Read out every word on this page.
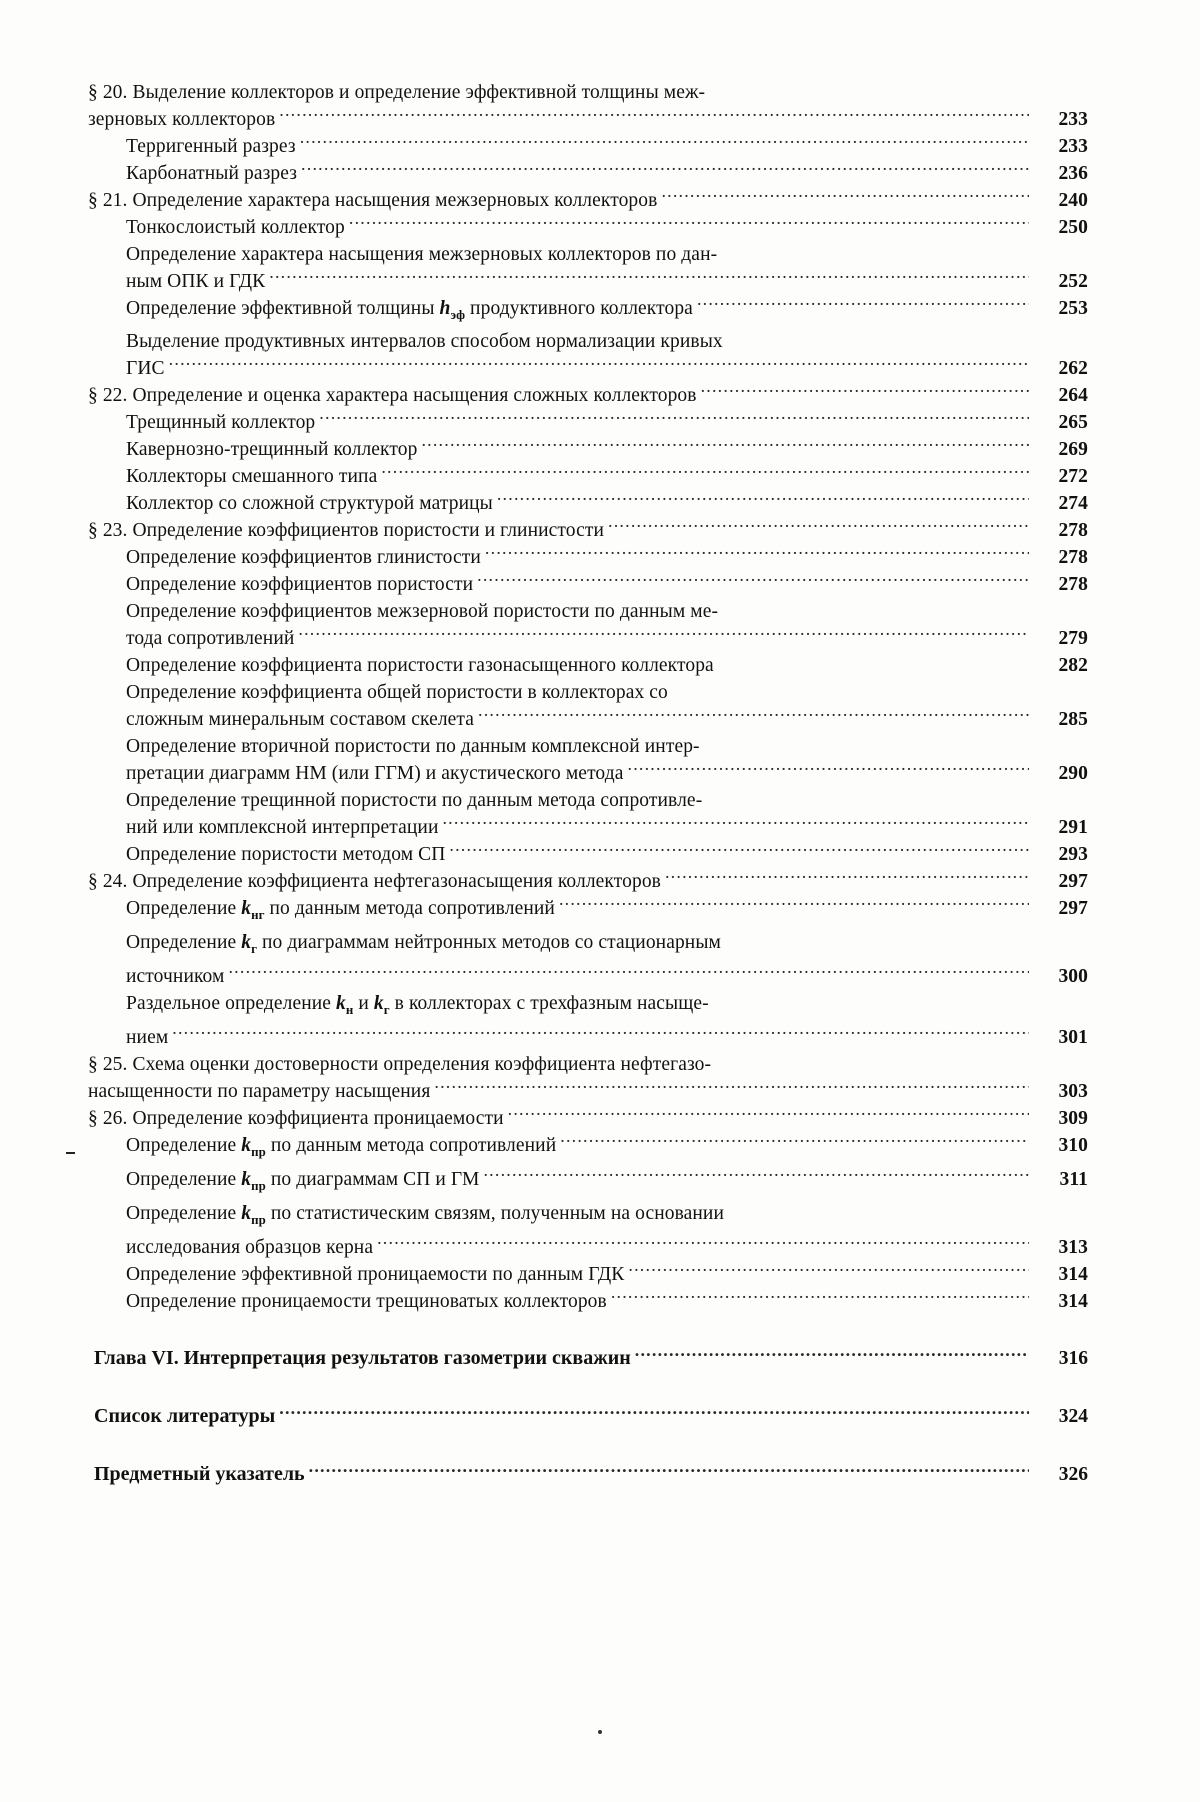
§ 20. Выделение коллекторов и определение эффективной толщины меж-
зерновых коллекторов .....	233
Терригенный разрез .....	233
Карбонатный разрез .....	236
§ 21. Определение характера насыщения межзерновых коллекторов .....	240
Тонкослоистый коллектор .....	250
Определение характера насыщения межзерновых коллекторов по дан-
ным ОПК и ГДК .....	252
Определение эффективной толщины $h_{эф}$ продуктивного коллектора .....	253
Выделение продуктивных интервалов способом нормализации кривых
ГИС .....	262
§ 22. Определение и оценка характера насыщения сложных коллекторов .....	264
Трещинный коллектор .....	265
Кавернозно-трещинный коллектор .....	269
Коллекторы смешанного типа .....	272
Коллектор со сложной структурой матрицы .....	274
§ 23. Определение коэффициентов пористости и глинистости .....	278
Определение коэффициентов глинистости .....	278
Определение коэффициентов пористости .....	278
Определение коэффициентов межзерновой пористости по данным ме-
тода сопротивлений .....	279
Определение коэффициента пористости газонасыщенного коллектора	282
Определение коэффициента общей пористости в коллекторах со
сложным минеральным составом скелета .....	285
Определение вторичной пористости по данным комплексной интер-
претации диаграмм НМ (или ГГМ) и акустического метода .....	290
Определение трещинной пористости по данным метода сопротивле-
ний или комплексной интерпретации .....	291
Определение пористости методом СП .....	293
§ 24. Определение коэффициента нефтегазонасыщения коллекторов .....	297
Определение $k_{нг}$ по данным метода сопротивлений .....	297
Определение $k_г$ по диаграммам нейтронных методов со стационарным
источником .....	300
Раздельное определение $k_н$ и $k_г$ в коллекторах с трехфазным насыще-
нием .....	301
§ 25. Схема оценки достоверности определения коэффициента нефтегазо-
насыщенности по параметру насыщения .....	303
§ 26. Определение коэффициента проницаемости .....	309
Определение $k_{пр}$ по данным метода сопротивлений .....	310
Определение $k_{пр}$ по диаграммам СП и ГМ .....	311
Определение $k_{пр}$ по статистическим связям, полученным на основании
исследования образцов керна .....	313
Определение эффективной проницаемости по данным ГДК .....	314
Определение проницаемости трещиноватых коллекторов .....	314
Глава VI. Интерпретация результатов газометрии скважин .....	316
Список литературы .....	324
Предметный указатель .....	326
